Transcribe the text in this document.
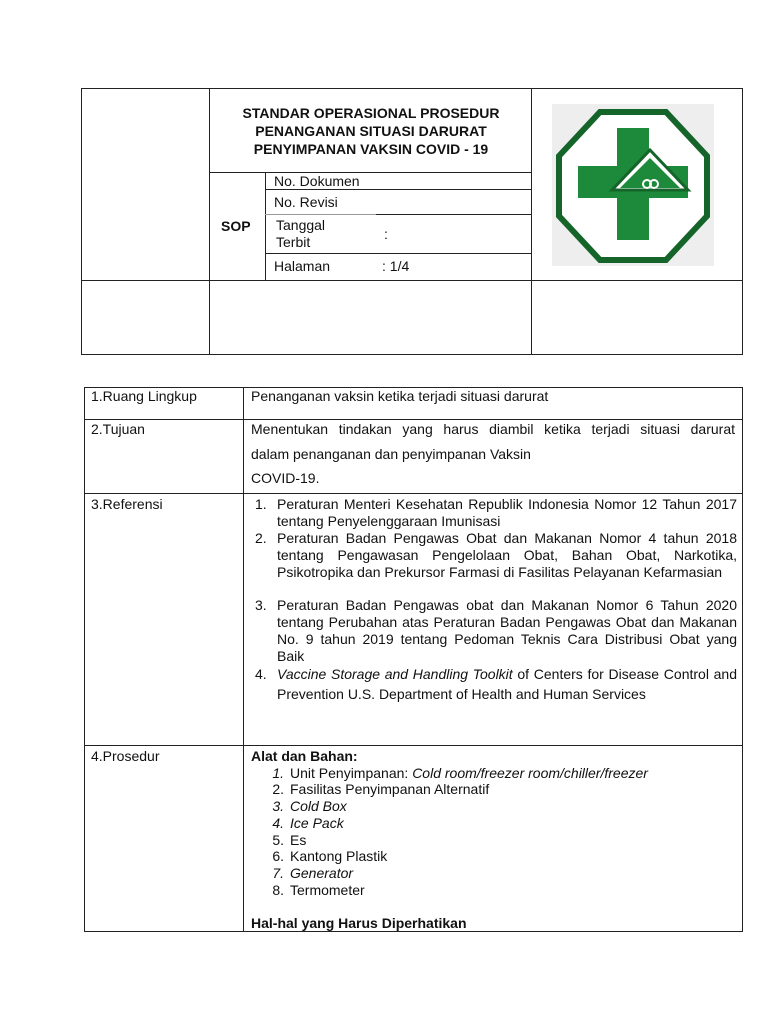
STANDAR OPERASIONAL PROSEDUR
PENANGANAN SITUASI DARURAT
PENYIMPANAN VAKSIN COVID - 19
SOP
No. Dokumen
No. Revisi
Tanggal
Terbit	:
Halaman	: 1/4
1.Ruang Lingkup	Penanganan vaksin ketika terjadi situasi darurat
2.Tujuan	Menentukan tindakan yang harus diambil ketika terjadi situasi darurat
dalam penanganan dan penyimpanan Vaksin
COVID-19.
3.Referensi	1. Peraturan Menteri Kesehatan Republik Indonesia Nomor 12 Tahun 2017 tentang Penyelenggaraan Imunisasi
2. Peraturan Badan Pengawas Obat dan Makanan Nomor 4 tahun 2018 tentang Pengawasan Pengelolaan Obat, Bahan Obat, Narkotika, Psikotropika dan Prekursor Farmasi di Fasilitas Pelayanan Kefarmasian
3. Peraturan Badan Pengawas obat dan Makanan Nomor 6 Tahun 2020 tentang Perubahan atas Peraturan Badan Pengawas Obat dan Makanan No. 9 tahun 2019 tentang Pedoman Teknis Cara Distribusi Obat yang Baik
4. Vaccine Storage and Handling Toolkit of Centers for Disease Control and Prevention U.S. Department of Health and Human Services
4.Prosedur	Alat dan Bahan:
1. Unit Penyimpanan: Cold room/freezer room/chiller/freezer
2. Fasilitas Penyimpanan Alternatif
3. Cold Box
4. Ice Pack
5. Es
6. Kantong Plastik
7. Generator
8. Termometer
Hal-hal yang Harus Diperhatikan
